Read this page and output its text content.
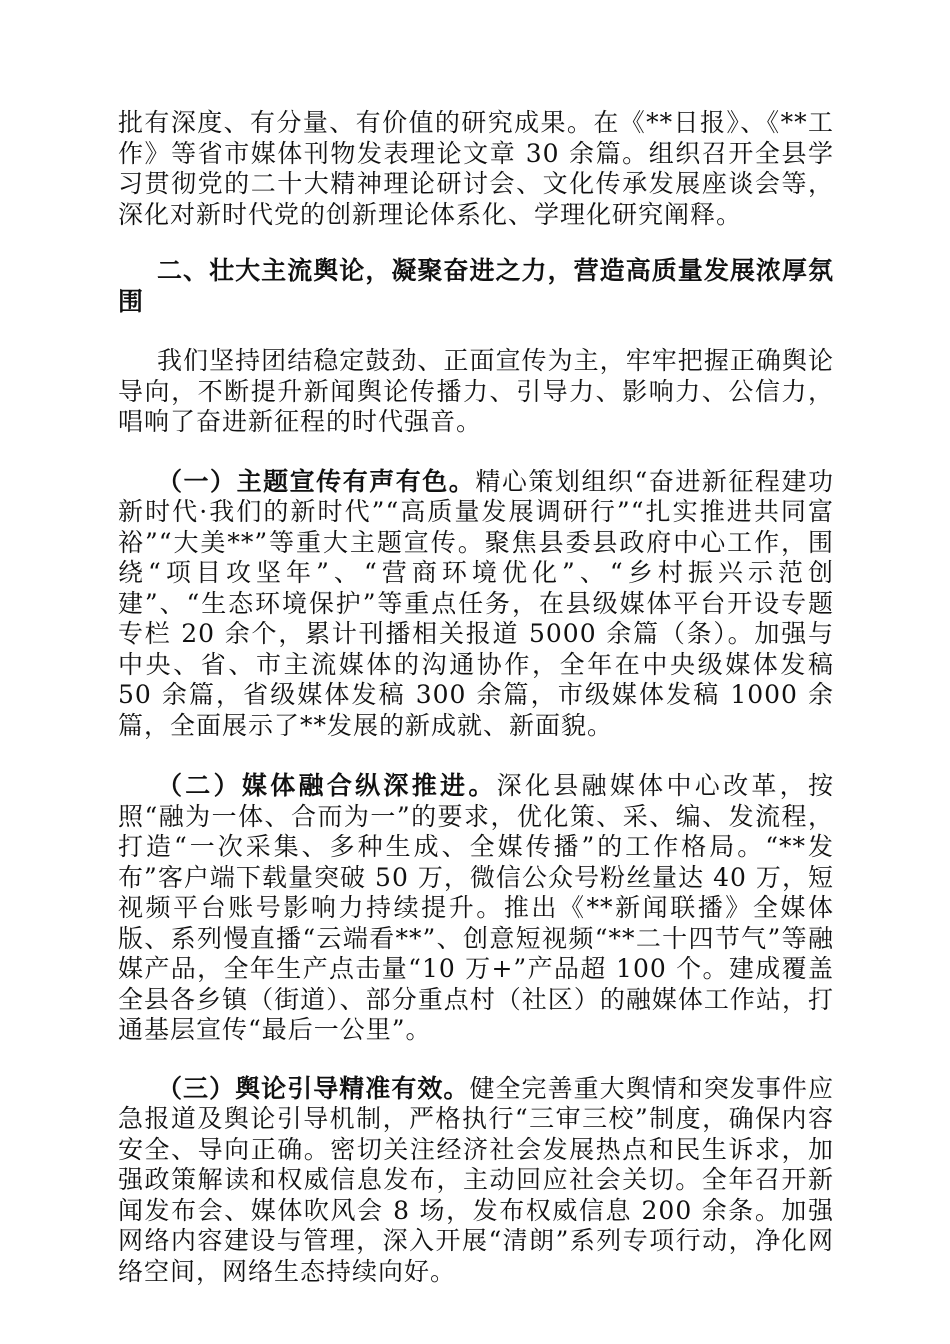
批有深度、有分量、有价值的研究成果。在《**日报》、《**工作》等省市媒体刊物发表理论文章 30 余篇。组织召开全县学习贯彻党的二十大精神理论研讨会、文化传承发展座谈会等，深化对新时代党的创新理论体系化、学理化研究阐释。

二、壮大主流舆论，凝聚奋进之力，营造高质量发展浓厚氛围

我们坚持团结稳定鼓劲、正面宣传为主，牢牢把握正确舆论导向，不断提升新闻舆论传播力、引导力、影响力、公信力，唱响了奋进新征程的时代强音。

（一）主题宣传有声有色。精心策划组织“奋进新征程建功新时代·我们的新时代”“高质量发展调研行”“扎实推进共同富裕”“大美**”等重大主题宣传。聚焦县委县政府中心工作，围绕“项目攻坚年”、“营商环境优化”、“乡村振兴示范创建”、“生态环境保护”等重点任务，在县级媒体平台开设专题专栏 20 余个，累计刊播相关报道 5000 余篇（条）。加强与中央、省、市主流媒体的沟通协作，全年在中央级媒体发稿 50 余篇，省级媒体发稿 300 余篇，市级媒体发稿 1000 余篇，全面展示了**发展的新成就、新面貌。

（二）媒体融合纵深推进。深化县融媒体中心改革，按照“融为一体、合而为一”的要求，优化策、采、编、发流程，打造“一次采集、多种生成、全媒传播”的工作格局。“**发布”客户端下载量突破 50 万，微信公众号粉丝量达 40 万，短视频平台账号影响力持续提升。推出《**新闻联播》全媒体版、系列慢直播“云端看**”、创意短视频“**二十四节气”等融媒产品，全年生产点击量“10 万+”产品超 100 个。建成覆盖全县各乡镇（街道）、部分重点村（社区）的融媒体工作站，打通基层宣传“最后一公里”。

（三）舆论引导精准有效。健全完善重大舆情和突发事件应急报道及舆论引导机制，严格执行“三审三校”制度，确保内容安全、导向正确。密切关注经济社会发展热点和民生诉求，加强政策解读和权威信息发布，主动回应社会关切。全年召开新闻发布会、媒体吹风会 8 场，发布权威信息 200 余条。加强网络内容建设与管理，深入开展“清朗”系列专项行动，净化网络空间，网络生态持续向好。
